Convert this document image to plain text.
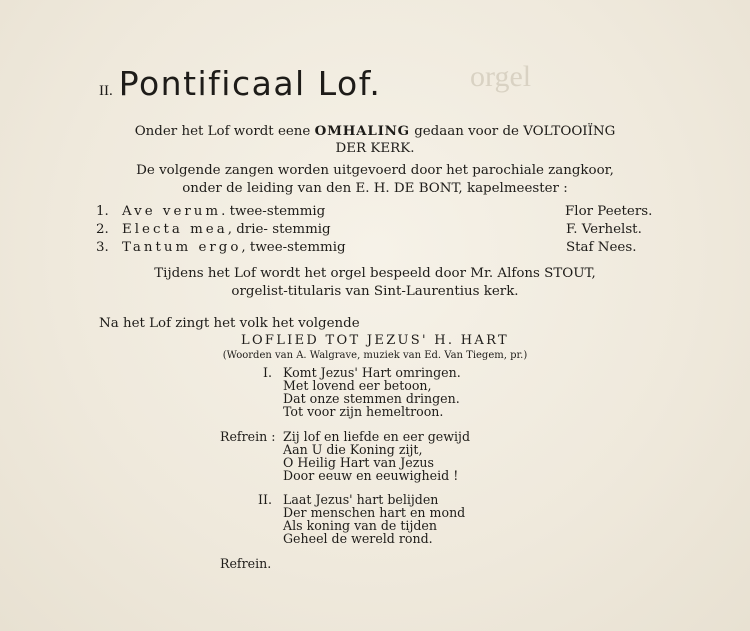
ᴏrgel

II. Pontificaal Lof.
Onder het Lof wordt eene OMHALING gedaan voor de VOLTOOIÏNG
DER KERK.
De volgende zangen worden uitgevoerd door het parochiale zangkoor,
onder de leiding van den E. H. DE BONT, kapelmeester :
1. Ave verum. twee-stemmig	Flor Peeters.
2. Electa mea, drie- stemmig	F. Verhelst.
3. Tantum ergo, twee-stemmig	Staf Nees.
Tijdens het Lof wordt het orgel bespeeld door Mr. Alfons STOUT,
orgelist-titularis van Sint-Laurentius kerk.
Na het Lof zingt het volk het volgende
LOFLIED TOT JEZUS' H. HART
(Woorden van A. Walgrave, muziek van Ed. Van Tiegem, pr.)
I. Komt Jezus' Hart omringen.
Met lovend eer betoon,
Dat onze stemmen dringen.
Tot voor zijn hemeltroon.
Refrein : Zij lof en liefde en eer gewijd
Aan U die Koning zijt,
O Heilig Hart van Jezus
Door eeuw en eeuwigheid !
II. Laat Jezus' hart belijden
Der menschen hart en mond
Als koning van de tijden
Geheel de wereld rond.
Refrein.
